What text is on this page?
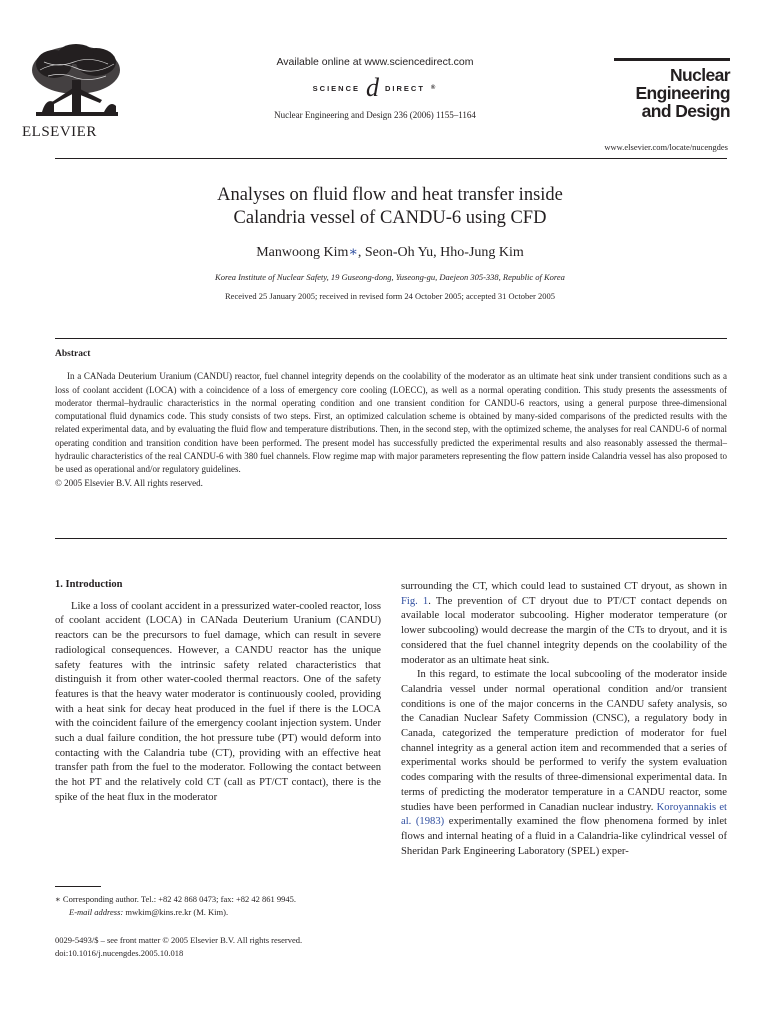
ELSEVIER
Available online at www.sciencedirect.com
SCIENCE d DIRECT ®
Nuclear Engineering and Design 236 (2006) 1155–1164
Nuclear
Engineering
and Design
www.elsevier.com/locate/nucengdes
Analyses on fluid flow and heat transfer inside
Calandria vessel of CANDU-6 using CFD
Manwoong Kim∗, Seon-Oh Yu, Hho-Jung Kim
Korea Institute of Nuclear Safety, 19 Guseong-dong, Yuseong-gu, Daejeon 305-338, Republic of Korea
Received 25 January 2005; received in revised form 24 October 2005; accepted 31 October 2005
Abstract

In a CANada Deuterium Uranium (CANDU) reactor, fuel channel integrity depends on the coolability of the moderator as an ultimate heat sink under transient conditions such as a loss of coolant accident (LOCA) with a coincidence of a loss of emergency core cooling (LOECC), as well as a normal operating condition. This study presents the assessments of moderator thermal–hydraulic characteristics in the normal operating condition and one transient condition for CANDU-6 reactors, using a general purpose three-dimensional computational fluid dynamics code. This study consists of two steps. First, an optimized calculation scheme is obtained by many-sided comparisons of the predicted results with the related experimental data, and by evaluating the fluid flow and temperature distributions. Then, in the second step, with the optimized scheme, the analyses for real CANDU-6 of normal operating condition and transition condition have been performed. The present model has successfully predicted the experimental results and also reasonably assessed the thermal–hydraulic characteristics of the real CANDU-6 with 380 fuel channels. Flow regime map with major parameters representing the flow pattern inside Calandria vessel has also proposed to be used as operational and/or regulatory guidelines.

© 2005 Elsevier B.V. All rights reserved.

1. Introduction

Like a loss of coolant accident in a pressurized water-cooled reactor, loss of coolant accident (LOCA) in CANada Deuterium Uranium (CANDU) reactors can be the precursors to fuel damage, which can result in severe radiological consequences. However, a CANDU reactor has the unique safety features with the intrinsic safety related characteristics that distinguish it from other water-cooled thermal reactors. One of the safety features is that the heavy water moderator is continuously cooled, providing with a heat sink for decay heat produced in the fuel if there is the LOCA with the coincident failure of the emergency coolant injection system. Under such a dual failure condition, the hot pressure tube (PT) would deform into contacting with the Calandria tube (CT), providing with an effective heat transfer path from the fuel to the moderator. Following the contact between the hot PT and the relatively cold CT (call as PT/CT contact), there is the spike of the heat flux in the moderator

surrounding the CT, which could lead to sustained CT dryout, as shown in Fig. 1. The prevention of CT dryout due to PT/CT contact depends on available local moderator subcooling. Higher moderator temperature (or lower subcooling) would decrease the margin of the CTs to dryout, and it is considered that the fuel channel integrity depends on the coolability of the moderator as an ultimate heat sink.

In this regard, to estimate the local subcooling of the moderator inside Calandria vessel under normal operational condition and/or transient conditions is one of the major concerns in the CANDU safety analysis, so the Canadian Nuclear Safety Commission (CNSC), a regulatory body in Canada, categorized the temperature prediction of moderator for fuel channel integrity as a general action item and recommended that a series of experimental works should be performed to verify the system evaluation codes comparing with the results of three-dimensional experimental data. In terms of predicting the moderator temperature in a CANDU reactor, some studies have been performed in Canadian nuclear industry. Koroyannakis et al. (1983) experimentally examined the flow phenomena formed by inlet flows and internal heating of a fluid in a Calandria-like cylindrical vessel of Sheridan Park Engineering Laboratory (SPEL) exper-

∗ Corresponding author. Tel.: +82 42 868 0473; fax: +82 42 861 9945.
E-mail address: mwkim@kins.re.kr (M. Kim).
0029-5493/$ – see front matter © 2005 Elsevier B.V. All rights reserved.
doi:10.1016/j.nucengdes.2005.10.018
